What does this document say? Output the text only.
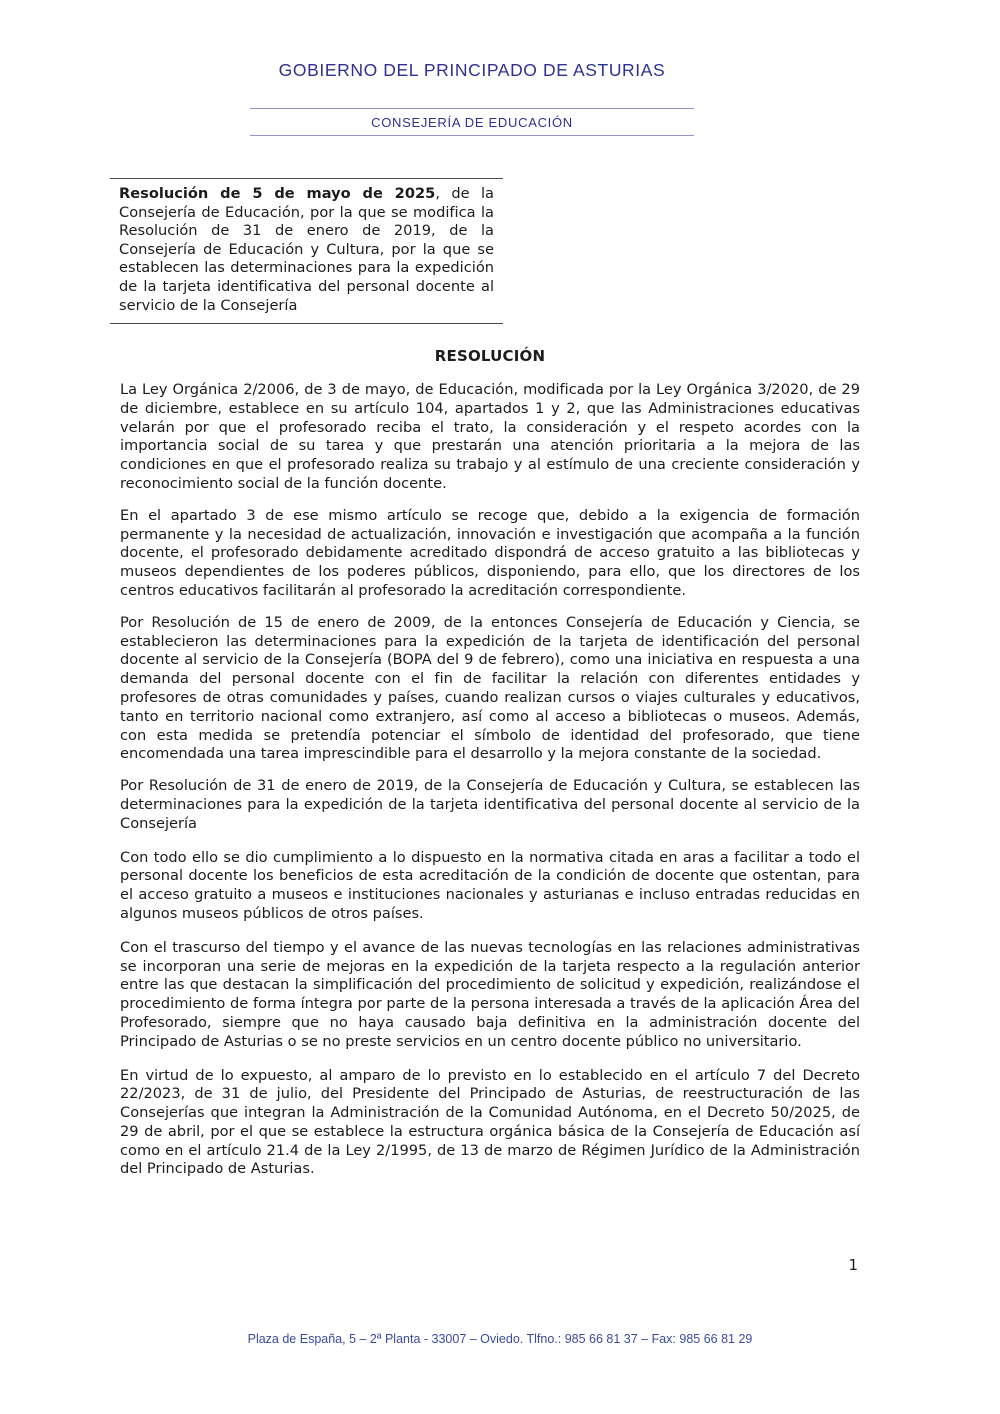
GOBIERNO DEL PRINCIPADO DE ASTURIAS
CONSEJERÍA DE EDUCACIÓN
Resolución de 5 de mayo de 2025, de la Consejería de Educación, por la que se modifica la Resolución de 31 de enero de 2019, de la Consejería de Educación y Cultura, por la que se establecen las determinaciones para la expedición de la tarjeta identificativa del personal docente al servicio de la Consejería
RESOLUCIÓN

La Ley Orgánica 2/2006, de 3 de mayo, de Educación, modificada por la Ley Orgánica 3/2020, de 29 de diciembre, establece en su artículo 104, apartados 1 y 2, que las Administraciones educativas velarán por que el profesorado reciba el trato, la consideración y el respeto acordes con la importancia social de su tarea y que prestarán una atención prioritaria a la mejora de las condiciones en que el profesorado realiza su trabajo y al estímulo de una creciente consideración y reconocimiento social de la función docente.

En el apartado 3 de ese mismo artículo se recoge que, debido a la exigencia de formación permanente y la necesidad de actualización, innovación e investigación que acompaña a la función docente, el profesorado debidamente acreditado dispondrá de acceso gratuito a las bibliotecas y museos dependientes de los poderes públicos, disponiendo, para ello, que los directores de los centros educativos facilitarán al profesorado la acreditación correspondiente.

Por Resolución de 15 de enero de 2009, de la entonces Consejería de Educación y Ciencia, se establecieron las determinaciones para la expedición de la tarjeta de identificación del personal docente al servicio de la Consejería (BOPA del 9 de febrero), como una iniciativa en respuesta a una demanda del personal docente con el fin de facilitar la relación con diferentes entidades y profesores de otras comunidades y países, cuando realizan cursos o viajes culturales y educativos, tanto en territorio nacional como extranjero, así como al acceso a bibliotecas o museos. Además, con esta medida se pretendía potenciar el símbolo de identidad del profesorado, que tiene encomendada una tarea imprescindible para el desarrollo y la mejora constante de la sociedad.

Por Resolución de 31 de enero de 2019, de la Consejería de Educación y Cultura, se establecen las determinaciones para la expedición de la tarjeta identificativa del personal docente al servicio de la Consejería

Con todo ello se dio cumplimiento a lo dispuesto en la normativa citada en aras a facilitar a todo el personal docente los beneficios de esta acreditación de la condición de docente que ostentan, para el acceso gratuito a museos e instituciones nacionales y asturianas e incluso entradas reducidas en algunos museos públicos de otros países.

Con el trascurso del tiempo y el avance de las nuevas tecnologías en las relaciones administrativas se incorporan una serie de mejoras en la expedición de la tarjeta respecto a la regulación anterior entre las que destacan la simplificación del procedimiento de solicitud y expedición, realizándose el procedimiento de forma íntegra por parte de la persona interesada a través de la aplicación Área del Profesorado, siempre que no haya causado baja definitiva en la administración docente del Principado de Asturias o se no preste servicios en un centro docente público no universitario.

En virtud de lo expuesto, al amparo de lo previsto en lo establecido en el artículo 7 del Decreto 22/2023, de 31 de julio, del Presidente del Principado de Asturias, de reestructuración de las Consejerías que integran la Administración de la Comunidad Autónoma, en el Decreto 50/2025, de 29 de abril, por el que se establece la estructura orgánica básica de la Consejería de Educación así como en el artículo 21.4 de la Ley 2/1995, de 13 de marzo de Régimen Jurídico de la Administración del Principado de Asturias.

1
Plaza de España, 5 – 2ª Planta - 33007 – Oviedo. Tlfno.: 985 66 81 37 – Fax: 985 66 81 29
